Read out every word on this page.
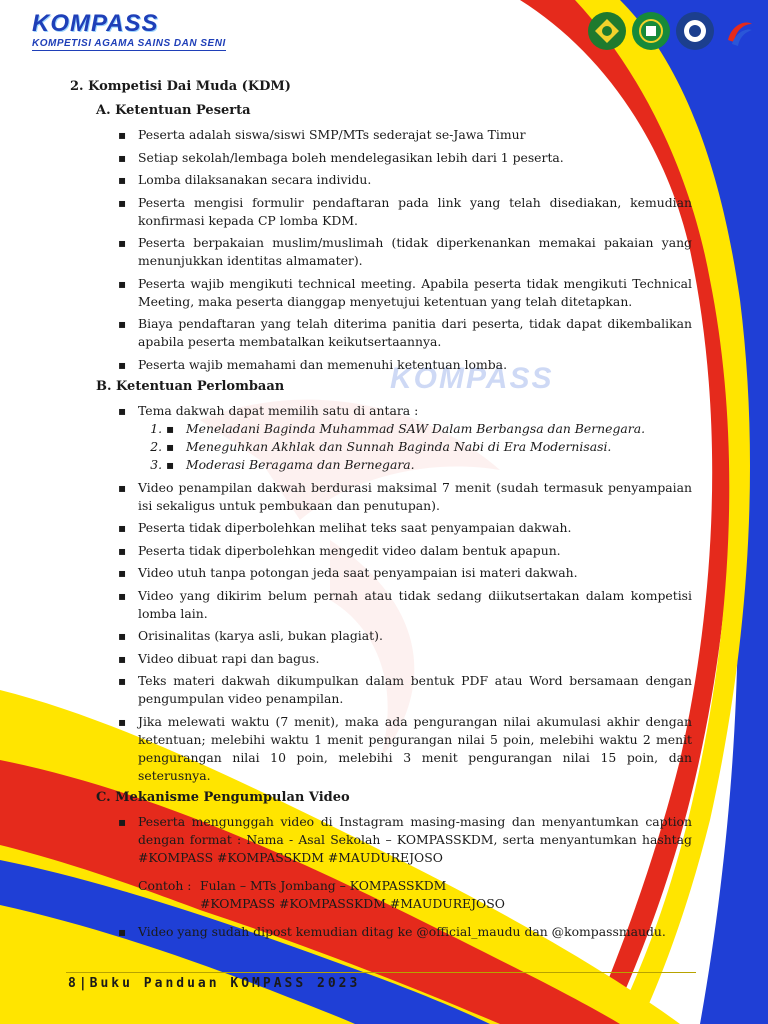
KOMPASS
KOMPETISI AGAMA SAINS DAN SENI
KOMPASS
2. Kompetisi Dai Muda (KDM)
A. Ketentuan Peserta
▪ Peserta adalah siswa/siswi SMP/MTs sederajat se-Jawa Timur
▪ Setiap sekolah/lembaga boleh mendelegasikan lebih dari 1 peserta.
▪ Lomba dilaksanakan secara individu.
▪ Peserta mengisi formulir pendaftaran pada link yang telah disediakan, kemudian konfirmasi kepada CP lomba KDM.
▪ Peserta berpakaian muslim/muslimah (tidak diperkenankan memakai pakaian yang menunjukkan identitas almamater).
▪ Peserta wajib mengikuti technical meeting. Apabila peserta tidak mengikuti Technical Meeting, maka peserta dianggap menyetujui ketentuan yang telah ditetapkan.
▪ Biaya pendaftaran yang telah diterima panitia dari peserta, tidak dapat dikembalikan apabila peserta membatalkan keikutsertaannya.
▪ Peserta wajib memahami dan memenuhi ketentuan lomba.
B. Ketentuan Perlombaan
▪ Tema dakwah dapat memilih satu di antara :
▪ 1. Meneladani Baginda Muhammad SAW Dalam Berbangsa dan Bernegara.
▪ 2. Meneguhkan Akhlak dan Sunnah Baginda Nabi di Era Modernisasi.
▪ 3. Moderasi Beragama dan Bernegara.
▪ Video penampilan dakwah berdurasi maksimal 7 menit (sudah termasuk penyampaian isi sekaligus untuk pembukaan dan penutupan).
▪ Peserta tidak diperbolehkan melihat teks saat penyampaian dakwah.
▪ Peserta tidak diperbolehkan mengedit video dalam bentuk apapun.
▪ Video utuh tanpa potongan jeda saat penyampaian isi materi dakwah.
▪ Video yang dikirim belum pernah atau tidak sedang diikutsertakan dalam kompetisi lomba lain.
▪ Orisinalitas (karya asli, bukan plagiat).
▪ Video dibuat rapi dan bagus.
▪ Teks materi dakwah dikumpulkan dalam bentuk PDF atau Word bersamaan dengan pengumpulan video penampilan.
▪ Jika melewati waktu (7 menit), maka ada pengurangan nilai akumulasi akhir dengan ketentuan; melebihi waktu 1 menit pengurangan nilai 5 poin, melebihi waktu 2 menit pengurangan nilai 10 poin, melebihi 3 menit pengurangan nilai 15 poin, dan seterusnya.
C. Mekanisme Pengumpulan Video
▪ Peserta mengunggah video di Instagram masing-masing dan menyantumkan caption dengan format : Nama - Asal Sekolah – KOMPASSKDM, serta menyantumkan hashtag #KOMPASS #KOMPASSKDM #MAUDUREJOSO
Contoh : Fulan – MTs Jombang – KOMPASSKDM
#KOMPASS #KOMPASSKDM #MAUDUREJOSO
▪ Video yang sudah dipost kemudian ditag ke @official_maudu dan @kompassmaudu.
8|Buku Panduan KOMPASS 2023
